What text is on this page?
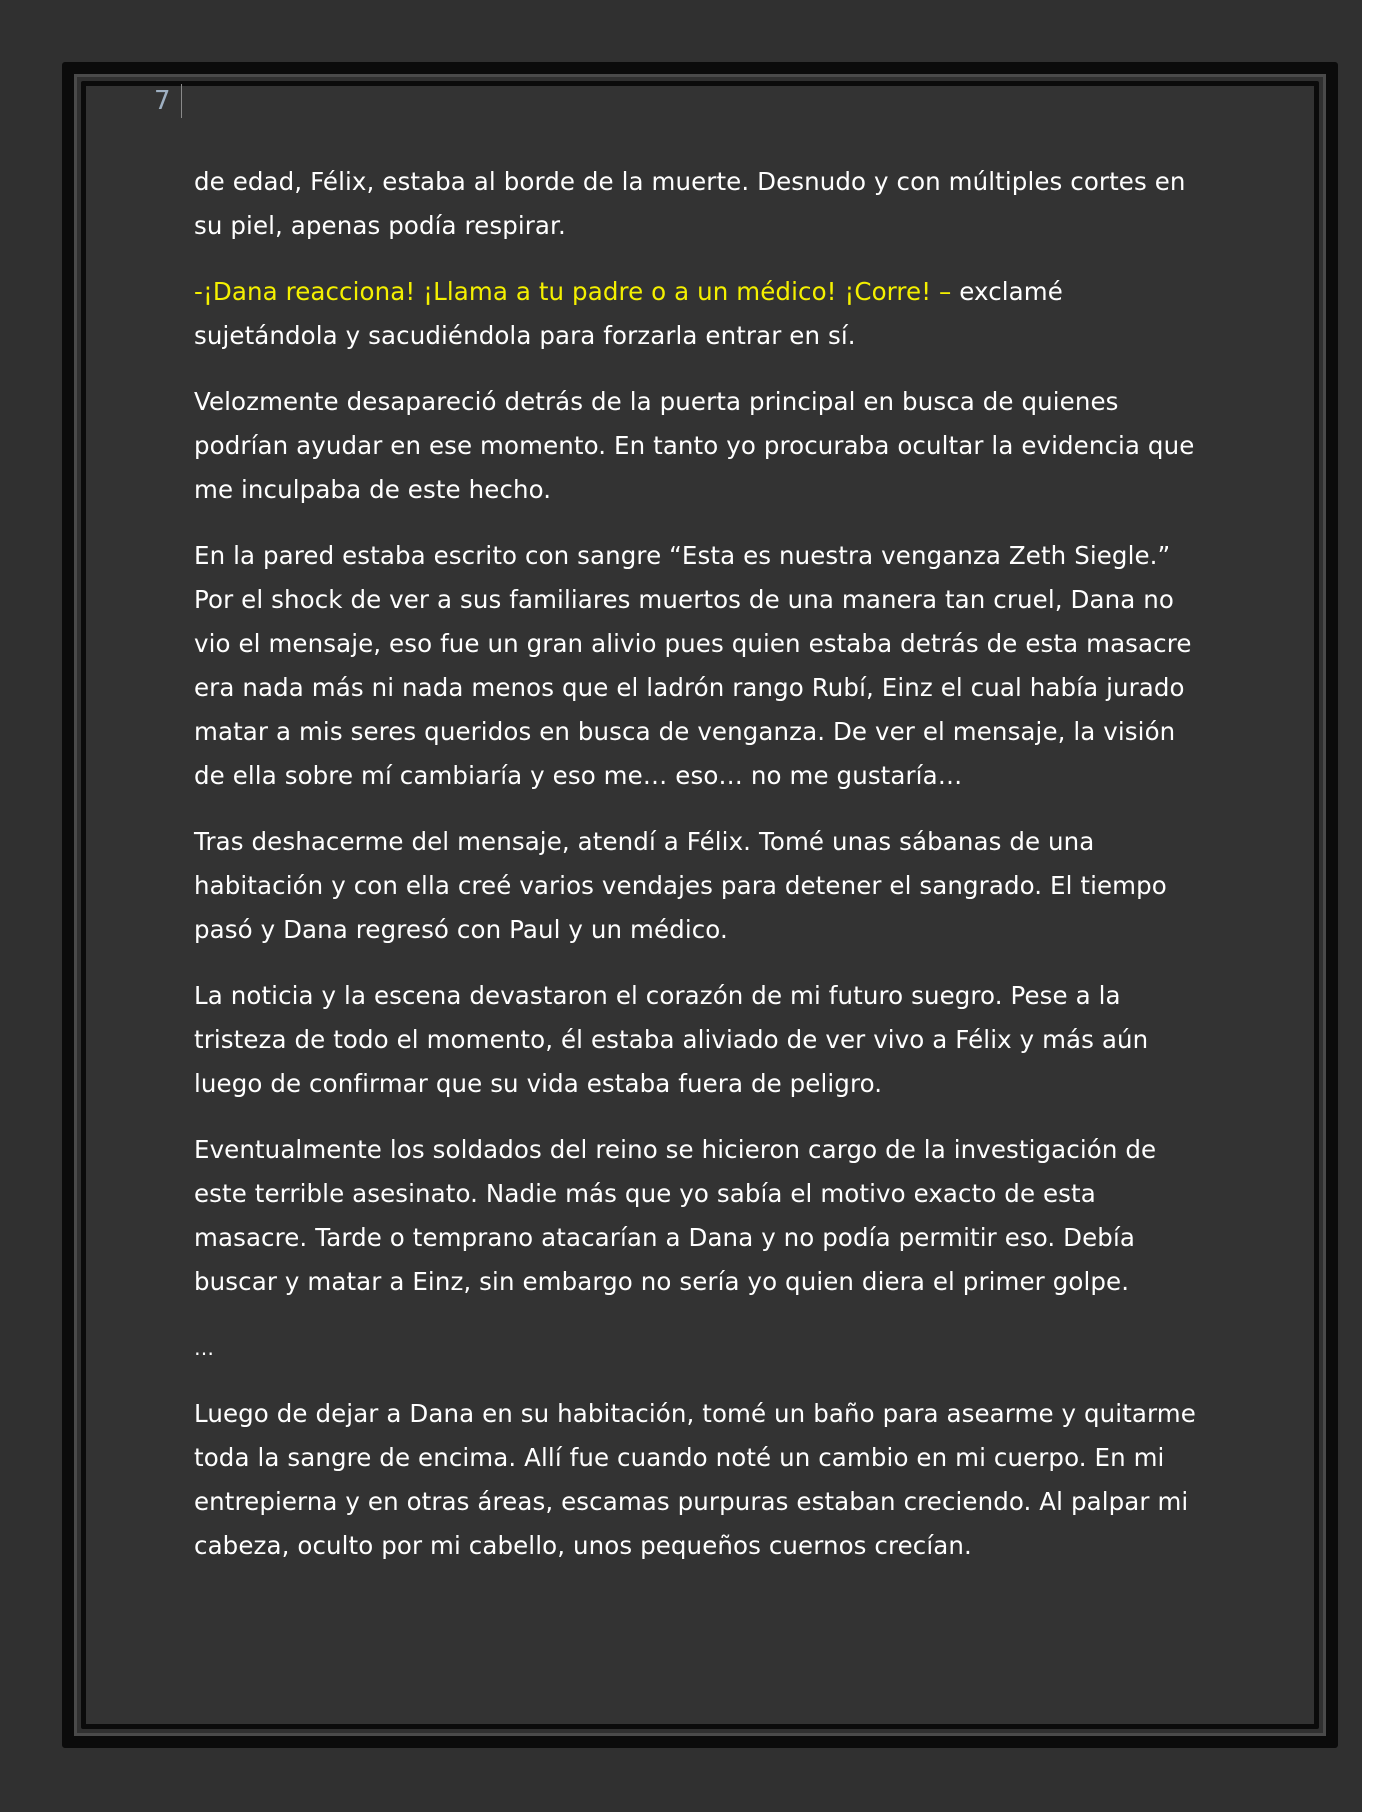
7

de edad, Félix, estaba al borde de la muerte. Desnudo y con múltiples cortes en su piel, apenas podía respirar.

-¡Dana reacciona! ¡Llama a tu padre o a un médico! ¡Corre! – exclamé sujetándola y sacudiéndola para forzarla entrar en sí.

Velozmente desapareció detrás de la puerta principal en busca de quienes podrían ayudar en ese momento. En tanto yo procuraba ocultar la evidencia que me inculpaba de este hecho.

En la pared estaba escrito con sangre “Esta es nuestra venganza Zeth Siegle.” Por el shock de ver a sus familiares muertos de una manera tan cruel, Dana no vio el mensaje, eso fue un gran alivio pues quien estaba detrás de esta masacre era nada más ni nada menos que el ladrón rango Rubí, Einz el cual había jurado matar a mis seres queridos en busca de venganza. De ver el mensaje, la visión de ella sobre mí cambiaría y eso me… eso… no me gustaría…

Tras deshacerme del mensaje, atendí a Félix. Tomé unas sábanas de una habitación y con ella creé varios vendajes para detener el sangrado. El tiempo pasó y Dana regresó con Paul y un médico.

La noticia y la escena devastaron el corazón de mi futuro suegro. Pese a la tristeza de todo el momento, él estaba aliviado de ver vivo a Félix y más aún luego de confirmar que su vida estaba fuera de peligro.

Eventualmente los soldados del reino se hicieron cargo de la investigación de este terrible asesinato. Nadie más que yo sabía el motivo exacto de esta masacre. Tarde o temprano atacarían a Dana y no podía permitir eso. Debía buscar y matar a Einz, sin embargo no sería yo quien diera el primer golpe.

…

Luego de dejar a Dana en su habitación, tomé un baño para asearme y quitarme toda la sangre de encima. Allí fue cuando noté un cambio en mi cuerpo. En mi entrepierna y en otras áreas, escamas purpuras estaban creciendo. Al palpar mi cabeza, oculto por mi cabello, unos pequeños cuernos crecían.
